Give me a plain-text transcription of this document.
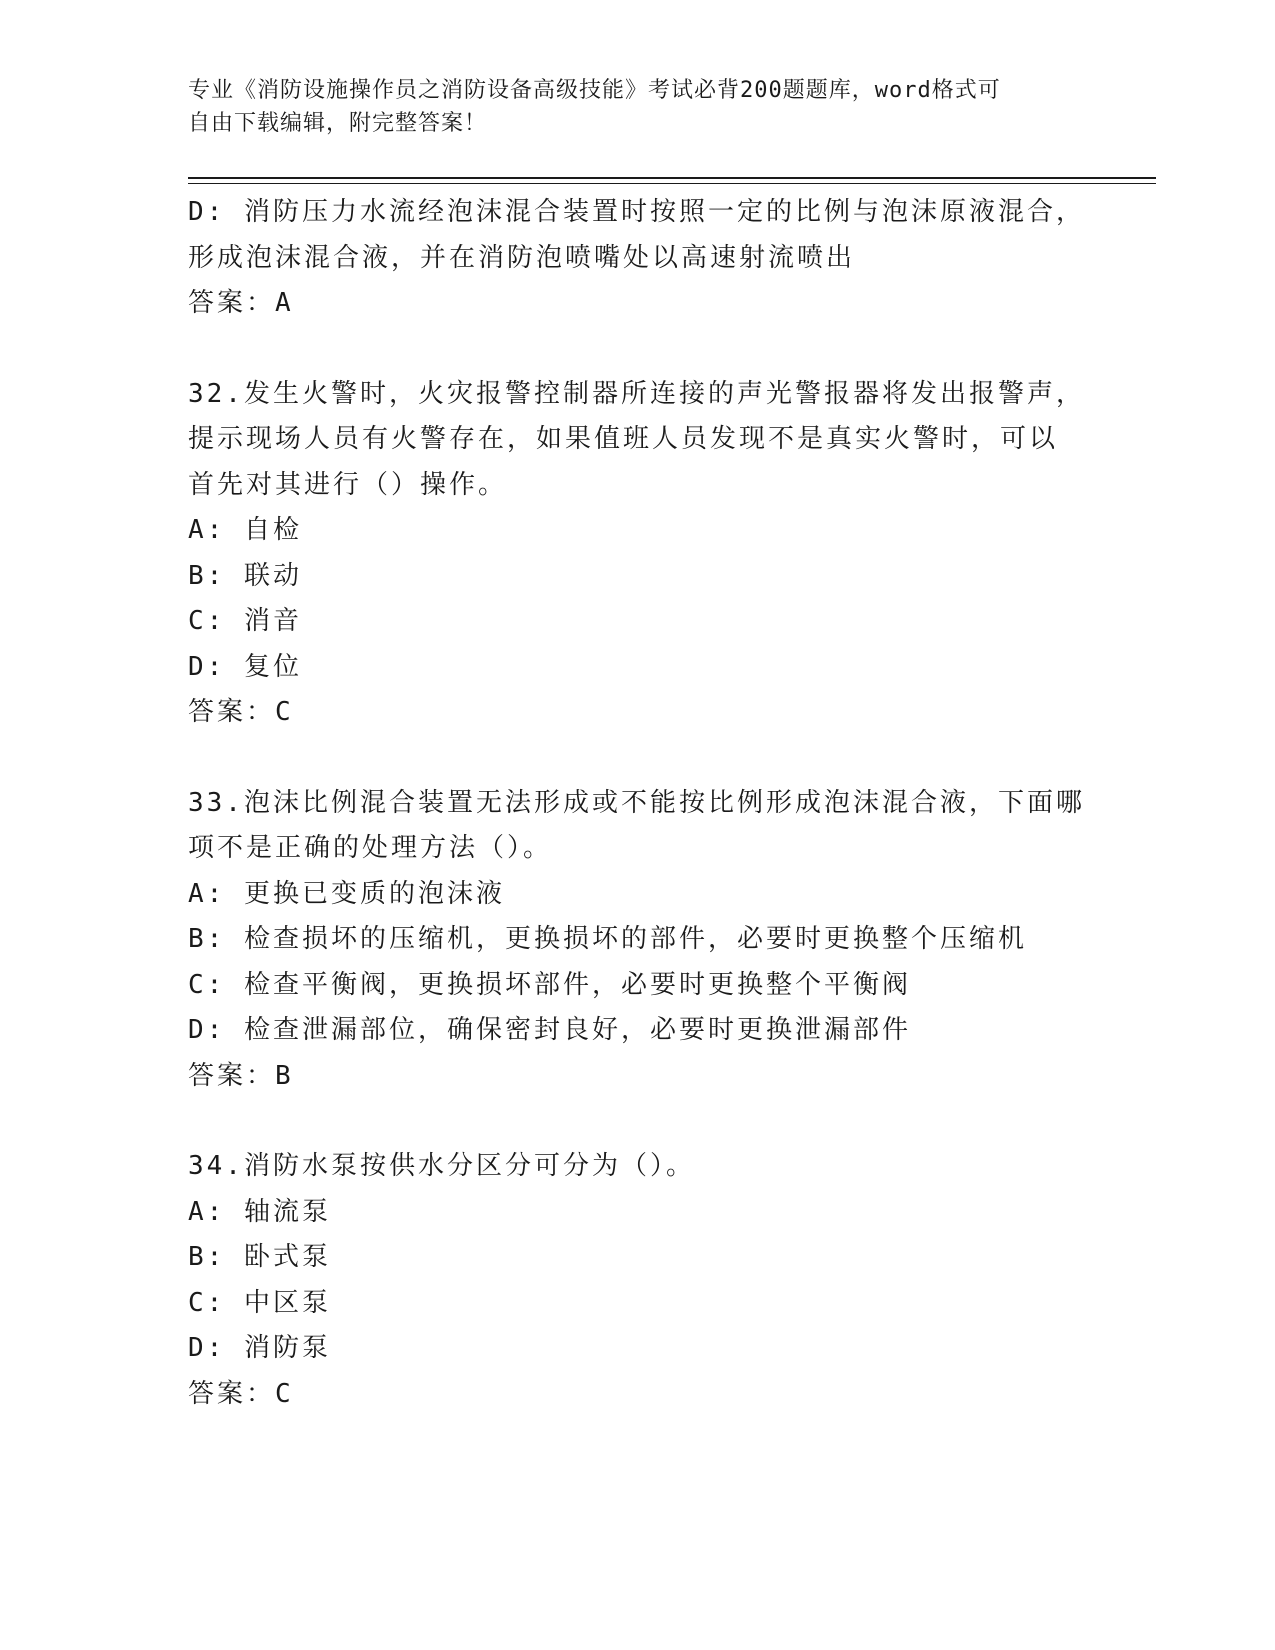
专业《消防设施操作员之消防设备高级技能》考试必背200题题库，word格式可
自由下载编辑，附完整答案！
D: 消防压力水流经泡沫混合装置时按照一定的比例与泡沫原液混合，
形成泡沫混合液，并在消防泡喷嘴处以高速射流喷出
答案：A
32.发生火警时，火灾报警控制器所连接的声光警报器将发出报警声，
提示现场人员有火警存在，如果值班人员发现不是真实火警时，可以
首先对其进行（）操作。
A: 自检
B: 联动
C: 消音
D: 复位
答案：C
33.泡沫比例混合装置无法形成或不能按比例形成泡沫混合液，下面哪
项不是正确的处理方法（）。
A: 更换已变质的泡沫液
B: 检查损坏的压缩机，更换损坏的部件，必要时更换整个压缩机
C: 检查平衡阀，更换损坏部件，必要时更换整个平衡阀
D: 检查泄漏部位，确保密封良好，必要时更换泄漏部件
答案：B
34.消防水泵按供水分区分可分为（）。
A: 轴流泵
B: 卧式泵
C: 中区泵
D: 消防泵
答案：C
